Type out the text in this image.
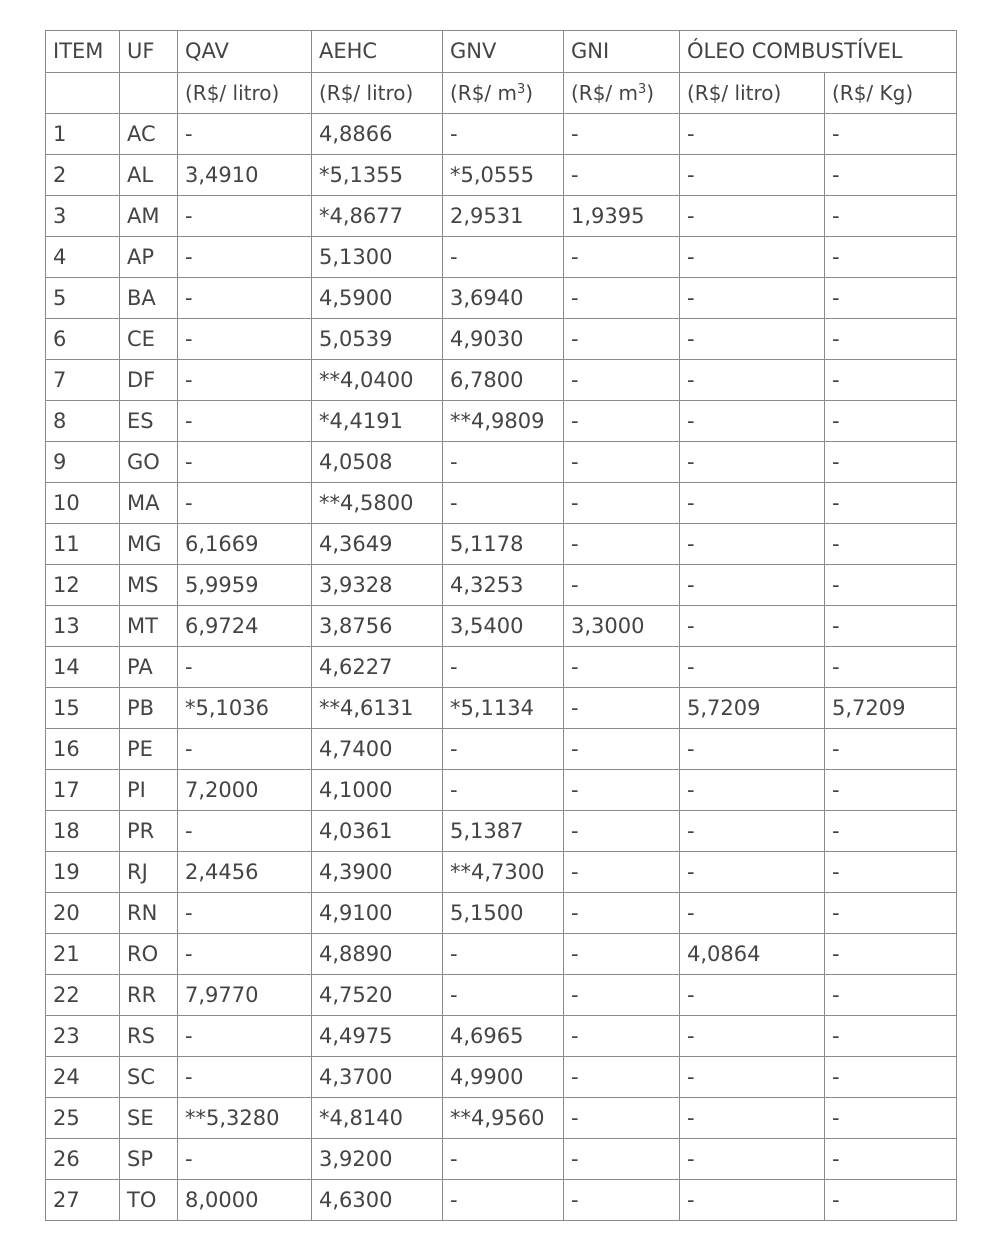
ITEM	UF	QAV	AEHC	GNV	GNI	ÓLEO COMBUSTÍVEL	
		(R$/ litro)	(R$/ litro)	(R$/ $m^3$)	(R$/ $m^3$)	(R$/ litro)	(R$/ Kg)
1	AC	-	4,8866	-	-	-	-
2	AL	3,4910	*5,1355	*5,0555	-	-	-
3	AM	-	*4,8677	2,9531	1,9395	-	-
4	AP	-	5,1300	-	-	-	-
5	BA	-	4,5900	3,6940	-	-	-
6	CE	-	5,0539	4,9030	-	-	-
7	DF	-	**4,0400	6,7800	-	-	-
8	ES	-	*4,4191	**4,9809	-	-	-
9	GO	-	4,0508	-	-	-	-
10	MA	-	**4,5800	-	-	-	-
11	MG	6,1669	4,3649	5,1178	-	-	-
12	MS	5,9959	3,9328	4,3253	-	-	-
13	MT	6,9724	3,8756	3,5400	3,3000	-	-
14	PA	-	4,6227	-	-	-	-
15	PB	*5,1036	**4,6131	*5,1134	-	5,7209	5,7209
16	PE	-	4,7400	-	-	-	-
17	PI	7,2000	4,1000	-	-	-	-
18	PR	-	4,0361	5,1387	-	-	-
19	RJ	2,4456	4,3900	**4,7300	-	-	-
20	RN	-	4,9100	5,1500	-	-	-
21	RO	-	4,8890	-	-	4,0864	-
22	RR	7,9770	4,7520	-	-	-	-
23	RS	-	4,4975	4,6965	-	-	-
24	SC	-	4,3700	4,9900	-	-	-
25	SE	**5,3280	*4,8140	**4,9560	-	-	-
26	SP	-	3,9200	-	-	-	-
27	TO	8,0000	4,6300	-	-	-	-
